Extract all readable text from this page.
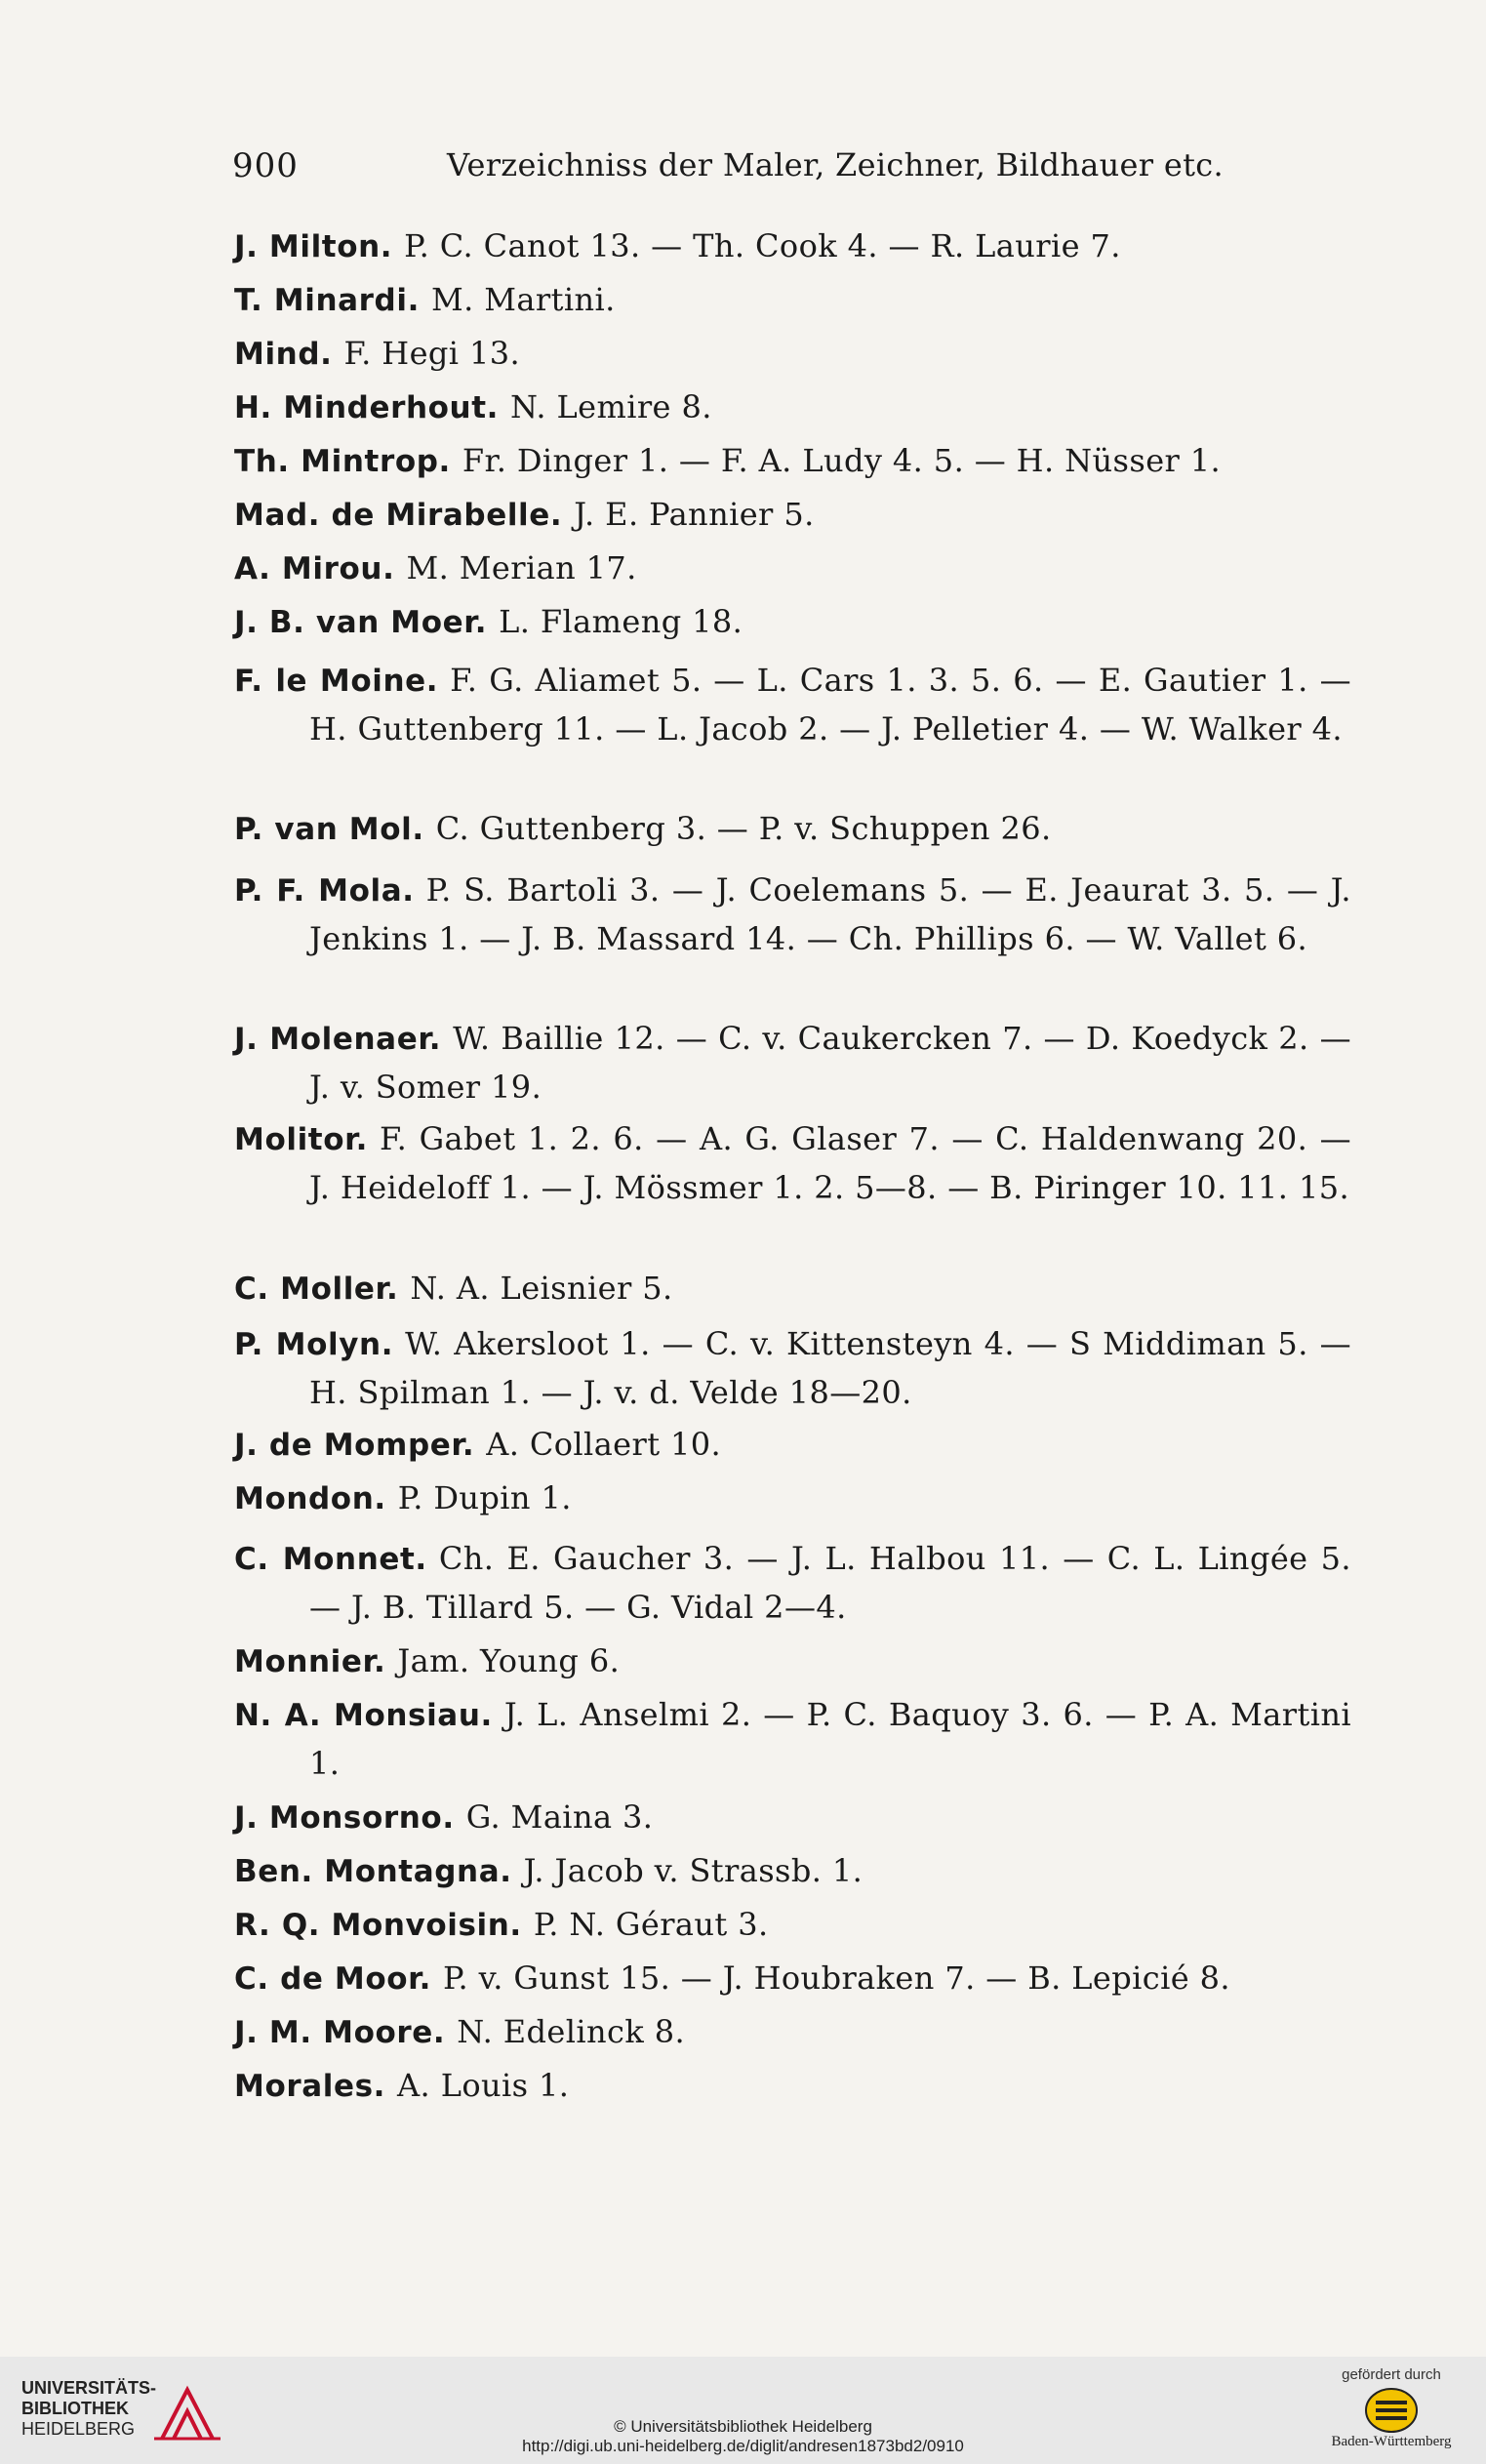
900	Verzeichniss der Maler, Zeichner, Bildhauer etc.
J. Milton. P. C. Canot 13. — Th. Cook 4. — R. Laurie 7.
T. Minardi. M. Martini.
Mind. F. Hegi 13.
H. Minderhout. N. Lemire 8.
Th. Mintrop. Fr. Dinger 1. — F. A. Ludy 4. 5. — H. Nüsser 1.
Mad. de Mirabelle. J. E. Pannier 5.
A. Mirou. M. Merian 17.
J. B. van Moer. L. Flameng 18.
F. le Moine. F. G. Aliamet 5. — L. Cars 1. 3. 5. 6. — E. Gautier 1. — H. Guttenberg 11. — L. Jacob 2. — J. Pelletier 4. — W. Walker 4.
P. van Mol. C. Guttenberg 3. — P. v. Schuppen 26.
P. F. Mola. P. S. Bartoli 3. — J. Coelemans 5. — E. Jeaurat 3. 5. — J. Jenkins 1. — J. B. Massard 14. — Ch. Phillips 6. — W. Vallet 6.
J. Molenaer. W. Baillie 12. — C. v. Caukercken 7. — D. Koedyck 2. — J. v. Somer 19.
Molitor. F. Gabet 1. 2. 6. — A. G. Glaser 7. — C. Haldenwang 20. — J. Heideloff 1. — J. Mössmer 1. 2. 5—8. — B. Piringer 10. 11. 15.
C. Moller. N. A. Leisnier 5.
P. Molyn. W. Akersloot 1. — C. v. Kittensteyn 4. — S Middiman 5. — H. Spilman 1. — J. v. d. Velde 18—20.
J. de Momper. A. Collaert 10.
Mondon. P. Dupin 1.
C. Monnet. Ch. E. Gaucher 3. — J. L. Halbou 11. — C. L. Lingée 5. — J. B. Tillard 5. — G. Vidal 2—4.
Monnier. Jam. Young 6.
N. A. Monsiau. J. L. Anselmi 2. — P. C. Baquoy 3. 6. — P. A. Martini 1.
J. Monsorno. G. Maina 3.
Ben. Montagna. J. Jacob v. Strassb. 1.
R. Q. Monvoisin. P. N. Géraut 3.
C. de Moor. P. v. Gunst 15. — J. Houbraken 7. — B. Lepicié 8.
J. M. Moore. N. Edelinck 8.
Morales. A. Louis 1.
UNIVERSITÄTS-
BIBLIOTHEK
HEIDELBERG	© Universitätsbibliothek Heidelberg
http://digi.ub.uni-heidelberg.de/diglit/andresen1873bd2/0910
gefördert durch
Baden-Württemberg
